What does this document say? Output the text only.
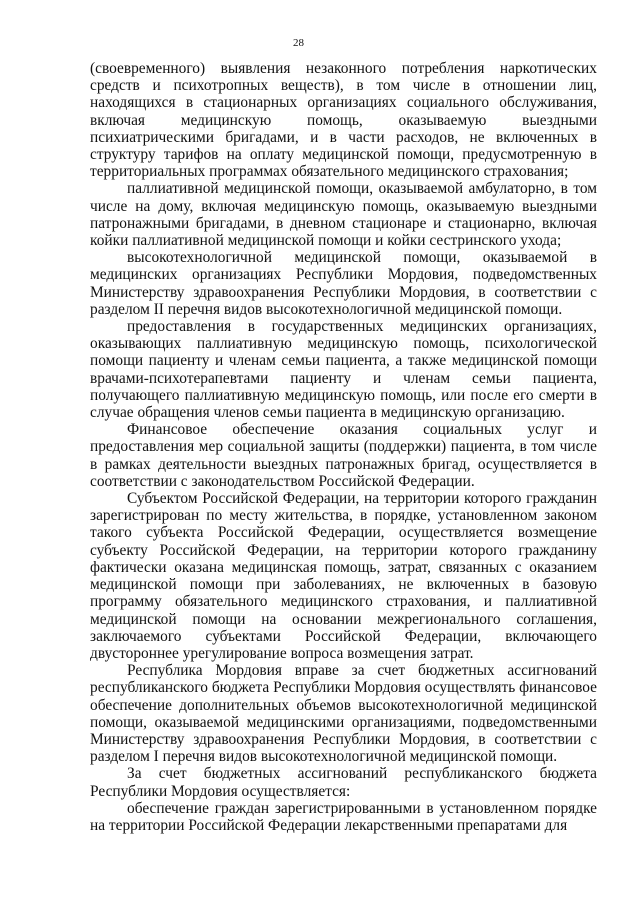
28

(своевременного) выявления незаконного потребления наркотических средств и психотропных веществ), в том числе в отношении лиц, находящихся в стационарных организациях социального обслуживания, включая медицинскую помощь, оказываемую выездными психиатрическими бригадами, и в части расходов, не включенных в структуру тарифов на оплату медицинской помощи, предусмотренную в территориальных программах обязательного медицинского страхования;

паллиативной медицинской помощи, оказываемой амбулаторно, в том числе на дому, включая медицинскую помощь, оказываемую выездными патронажными бригадами, в дневном стационаре и стационарно, включая койки паллиативной медицинской помощи и койки сестринского ухода;

высокотехнологичной медицинской помощи, оказываемой в медицинских организациях Республики Мордовия, подведомственных Министерству здравоохранения Республики Мордовия, в соответствии с разделом II перечня видов высокотехнологичной медицинской помощи.

предоставления в государственных медицинских организациях, оказывающих паллиативную медицинскую помощь, психологической помощи пациенту и членам семьи пациента, а также медицинской помощи врачами-психотерапевтами пациенту и членам семьи пациента, получающего паллиативную медицинскую помощь, или после его смерти в случае обращения членов семьи пациента в медицинскую организацию.

Финансовое обеспечение оказания социальных услуг и предоставления мер социальной защиты (поддержки) пациента, в том числе в рамках деятельности выездных патронажных бригад, осуществляется в соответствии с законодательством Российской Федерации.

Субъектом Российской Федерации, на территории которого гражданин зарегистрирован по месту жительства, в порядке, установленном законом такого субъекта Российской Федерации, осуществляется возмещение субъекту Российской Федерации, на территории которого гражданину фактически оказана медицинская помощь, затрат, связанных с оказанием медицинской помощи при заболеваниях, не включенных в базовую программу обязательного медицинского страхования, и паллиативной медицинской помощи на основании межрегионального соглашения, заключаемого субъектами Российской Федерации, включающего двустороннее урегулирование вопроса возмещения затрат.

Республика Мордовия вправе за счет бюджетных ассигнований республиканского бюджета Республики Мордовия осуществлять финансовое обеспечение дополнительных объемов высокотехнологичной медицинской помощи, оказываемой медицинскими организациями, подведомственными Министерству здравоохранения Республики Мордовия, в соответствии с разделом I перечня видов высокотехнологичной медицинской помощи.

За счет бюджетных ассигнований республиканского бюджета Республики Мордовия осуществляется:

обеспечение граждан зарегистрированными в установленном порядке на территории Российской Федерации лекарственными препаратами для
